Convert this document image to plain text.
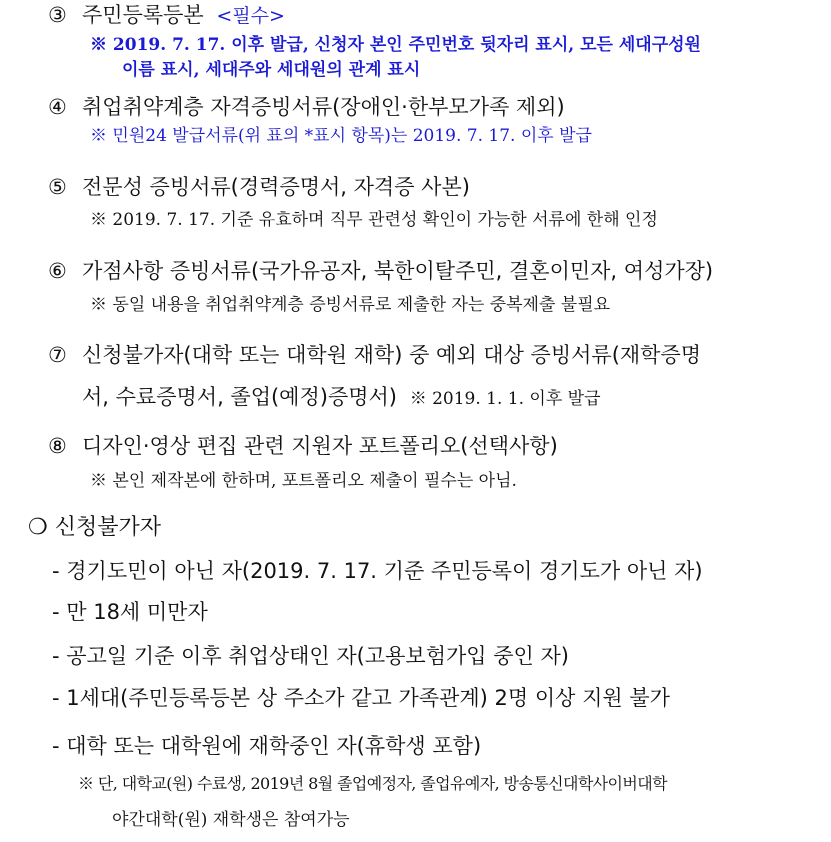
③ 주민등록등본 <필수>
※ 2019. 7. 17. 이후 발급, 신청자 본인 주민번호 뒷자리 표시, 모든 세대구성원
이름 표시, 세대주와 세대원의 관계 표시
④ 취업취약계층 자격증빙서류(장애인·한부모가족 제외)
※ 민원24 발급서류(위 표의 *표시 항목)는 2019. 7. 17. 이후 발급
⑤ 전문성 증빙서류(경력증명서, 자격증 사본)
※ 2019. 7. 17. 기준 유효하며 직무 관련성 확인이 가능한 서류에 한해 인정
⑥ 가점사항 증빙서류(국가유공자, 북한이탈주민, 결혼이민자, 여성가장)
※ 동일 내용을 취업취약계층 증빙서류로 제출한 자는 중복제출 불필요
⑦ 신청불가자(대학 또는 대학원 재학) 중 예외 대상 증빙서류(재학증명
서, 수료증명서, 졸업(예정)증명서) ※ 2019. 1. 1. 이후 발급
⑧ 디자인·영상 편집 관련 지원자 포트폴리오(선택사항)
※ 본인 제작본에 한하며, 포트폴리오 제출이 필수는 아님.
❍ 신청불가자
- 경기도민이 아닌 자(2019. 7. 17. 기준 주민등록이 경기도가 아닌 자)
- 만 18세 미만자
- 공고일 기준 이후 취업상태인 자(고용보험가입 중인 자)
- 1세대(주민등록등본 상 주소가 같고 가족관계) 2명 이상 지원 불가
- 대학 또는 대학원에 재학중인 자(휴학생 포함)
※ 단, 대학교(원) 수료생, 2019년 8월 졸업예정자, 졸업유예자, 방송통신대학사이버대학
야간대학(원) 재학생은 참여가능
